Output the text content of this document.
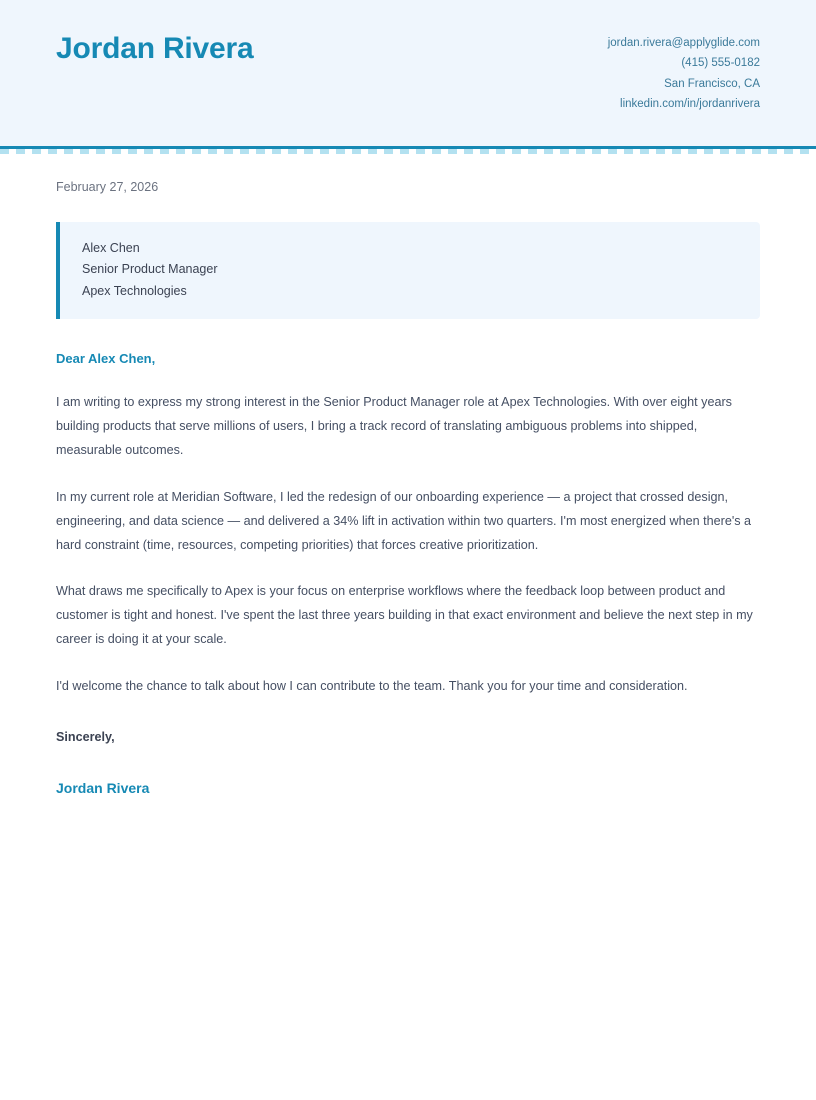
Jordan Rivera	jordan.rivera@applyglide.com
(415) 555-0182
San Francisco, CA
linkedin.com/in/jordanrivera

February 27, 2026

Alex Chen
Senior Product Manager
Apex Technologies

Dear Alex Chen,

I am writing to express my strong interest in the Senior Product Manager role at Apex Technologies. With over eight years building products that serve millions of users, I bring a track record of translating ambiguous problems into shipped, measurable outcomes.

In my current role at Meridian Software, I led the redesign of our onboarding experience — a project that crossed design, engineering, and data science — and delivered a 34% lift in activation within two quarters. I'm most energized when there's a hard constraint (time, resources, competing priorities) that forces creative prioritization.

What draws me specifically to Apex is your focus on enterprise workflows where the feedback loop between product and customer is tight and honest. I've spent the last three years building in that exact environment and believe the next step in my career is doing it at your scale.

I'd welcome the chance to talk about how I can contribute to the team. Thank you for your time and consideration.

Sincerely,

Jordan Rivera
